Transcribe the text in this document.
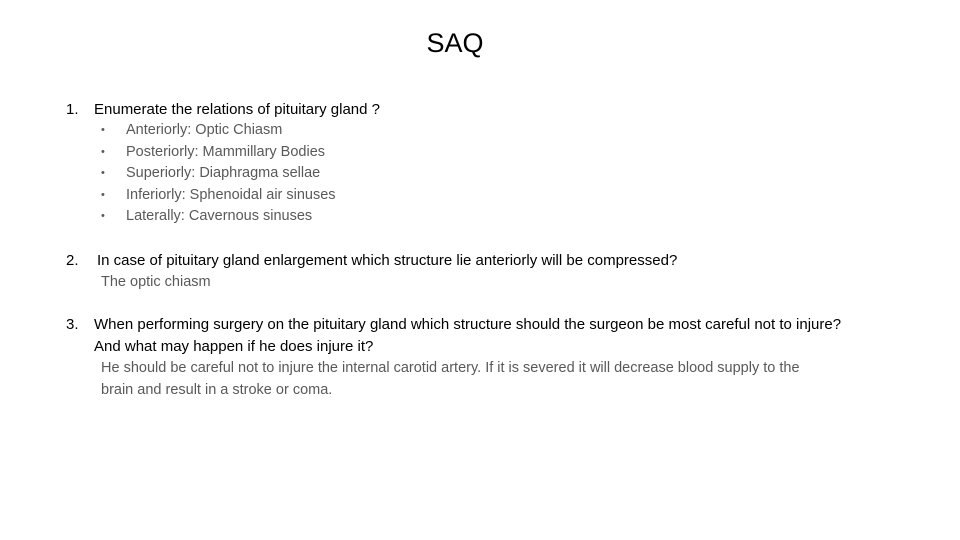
SAQ
1.	Enumerate the relations of pituitary gland ?
• Anteriorly: Optic Chiasm
• Posteriorly: Mammillary Bodies
• Superiorly: Diaphragma sellae
• Inferiorly: Sphenoidal air sinuses
• Laterally: Cavernous sinuses
2.	In case of pituitary gland enlargement which structure lie anteriorly will be compressed?
The optic chiasm
3.	When performing surgery on the pituitary gland which structure should the surgeon be most careful not to injure? And what may happen if he does injure it?
He should be careful not to injure the internal carotid artery. If it is severed it will decrease blood supply to the brain and result in a stroke or coma.
